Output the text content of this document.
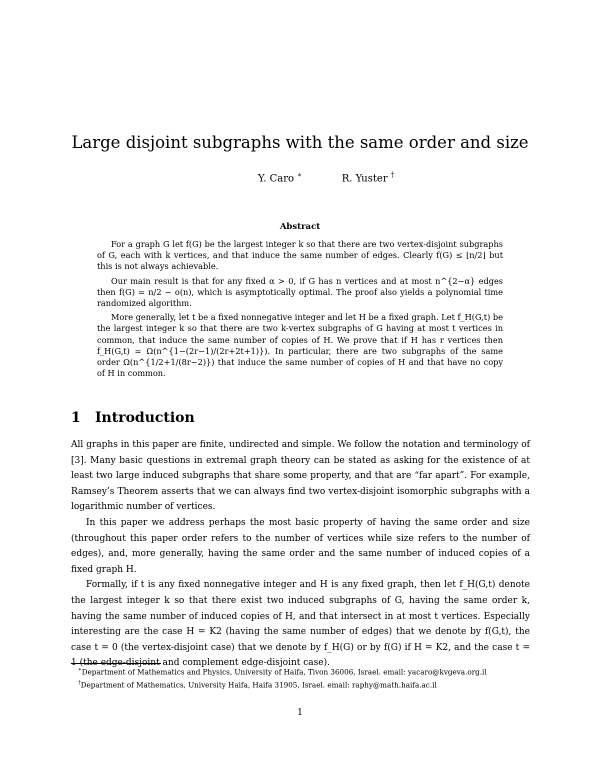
Large disjoint subgraphs with the same order and size
Y. Caro ∗	R. Yuster †
Abstract

For a graph G let f(G) be the largest integer k so that there are two vertex-disjoint subgraphs of G, each with k vertices, and that induce the same number of edges. Clearly f(G) ≤ ⌊n/2⌋ but this is not always achievable.

Our main result is that for any fixed α > 0, if G has n vertices and at most n^{2−α} edges then f(G) = n/2 − o(n), which is asymptotically optimal. The proof also yields a polynomial time randomized algorithm.

More generally, let t be a fixed nonnegative integer and let H be a fixed graph. Let f_H(G,t) be the largest integer k so that there are two k-vertex subgraphs of G having at most t vertices in common, that induce the same number of copies of H. We prove that if H has r vertices then f_H(G,t) = Ω(n^{1−(2r−1)/(2r+2t+1)}). In particular, there are two subgraphs of the same order Ω(n^{1/2+1/(8r−2)}) that induce the same number of copies of H and that have no copy of H in common.

1 Introduction

All graphs in this paper are finite, undirected and simple. We follow the notation and terminology of [3]. Many basic questions in extremal graph theory can be stated as asking for the existence of at least two large induced subgraphs that share some property, and that are “far apart”. For example, Ramsey’s Theorem asserts that we can always find two vertex-disjoint isomorphic subgraphs with a logarithmic number of vertices.

In this paper we address perhaps the most basic property of having the same order and size (throughout this paper order refers to the number of vertices while size refers to the number of edges), and, more generally, having the same order and the same number of induced copies of a fixed graph H.

Formally, if t is any fixed nonnegative integer and H is any fixed graph, then let f_H(G,t) denote the largest integer k so that there exist two induced subgraphs of G, having the same order k, having the same number of induced copies of H, and that intersect in at most t vertices. Especially interesting are the case H = K2 (having the same number of edges) that we denote by f(G,t), the case t = 0 (the vertex-disjoint case) that we denote by f_H(G) or by f(G) if H = K2, and the case t = 1 (the edge-disjoint and complement edge-disjoint case).

∗Department of Mathematics and Physics, University of Haifa, Tivon 36006, Israel. email: yacaro@kvgeva.org.il
†Department of Mathematics, University Haifa, Haifa 31905, Israel. email: raphy@math.haifa.ac.il
1
